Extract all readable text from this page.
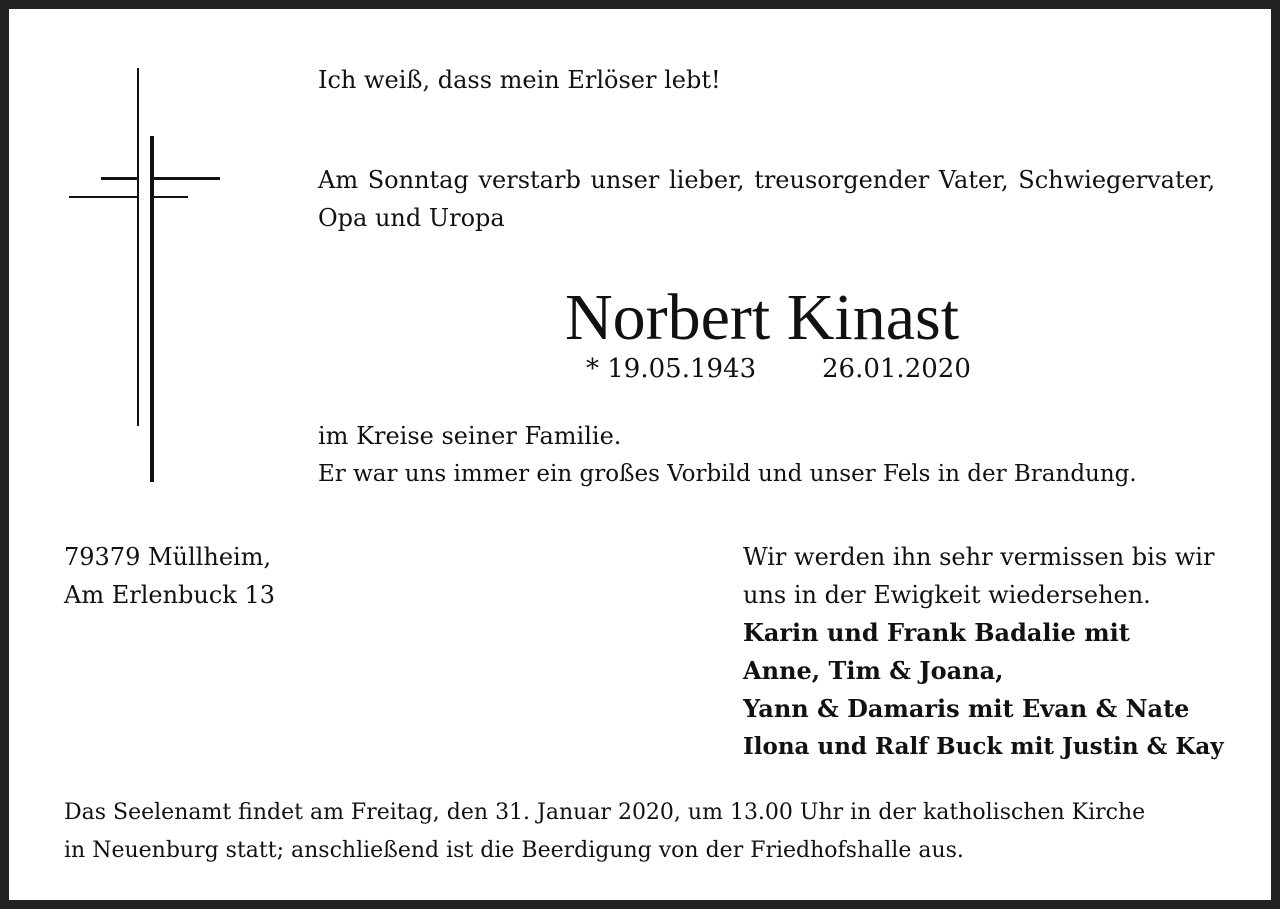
Ich weiß, dass mein Erlöser lebt!
Am Sonntag verstarb unser lieber, treusorgender Vater, Schwiegervater,
Opa und Uropa
Norbert Kinast
* 19.05.1943	26.01.2020
im Kreise seiner Familie.
Er war uns immer ein großes Vorbild und unser Fels in der Brandung.
79379 Müllheim,
Am Erlenbuck 13
Wir werden ihn sehr vermissen bis wir
uns in der Ewigkeit wiedersehen.
Karin und Frank Badalie mit
Anne, Tim & Joana,
Yann & Damaris mit Evan & Nate
Ilona und Ralf Buck mit Justin & Kay
Das Seelenamt findet am Freitag, den 31. Januar 2020, um 13.00 Uhr in der katholischen Kirche
in Neuenburg statt; anschließend ist die Beerdigung von der Friedhofshalle aus.
